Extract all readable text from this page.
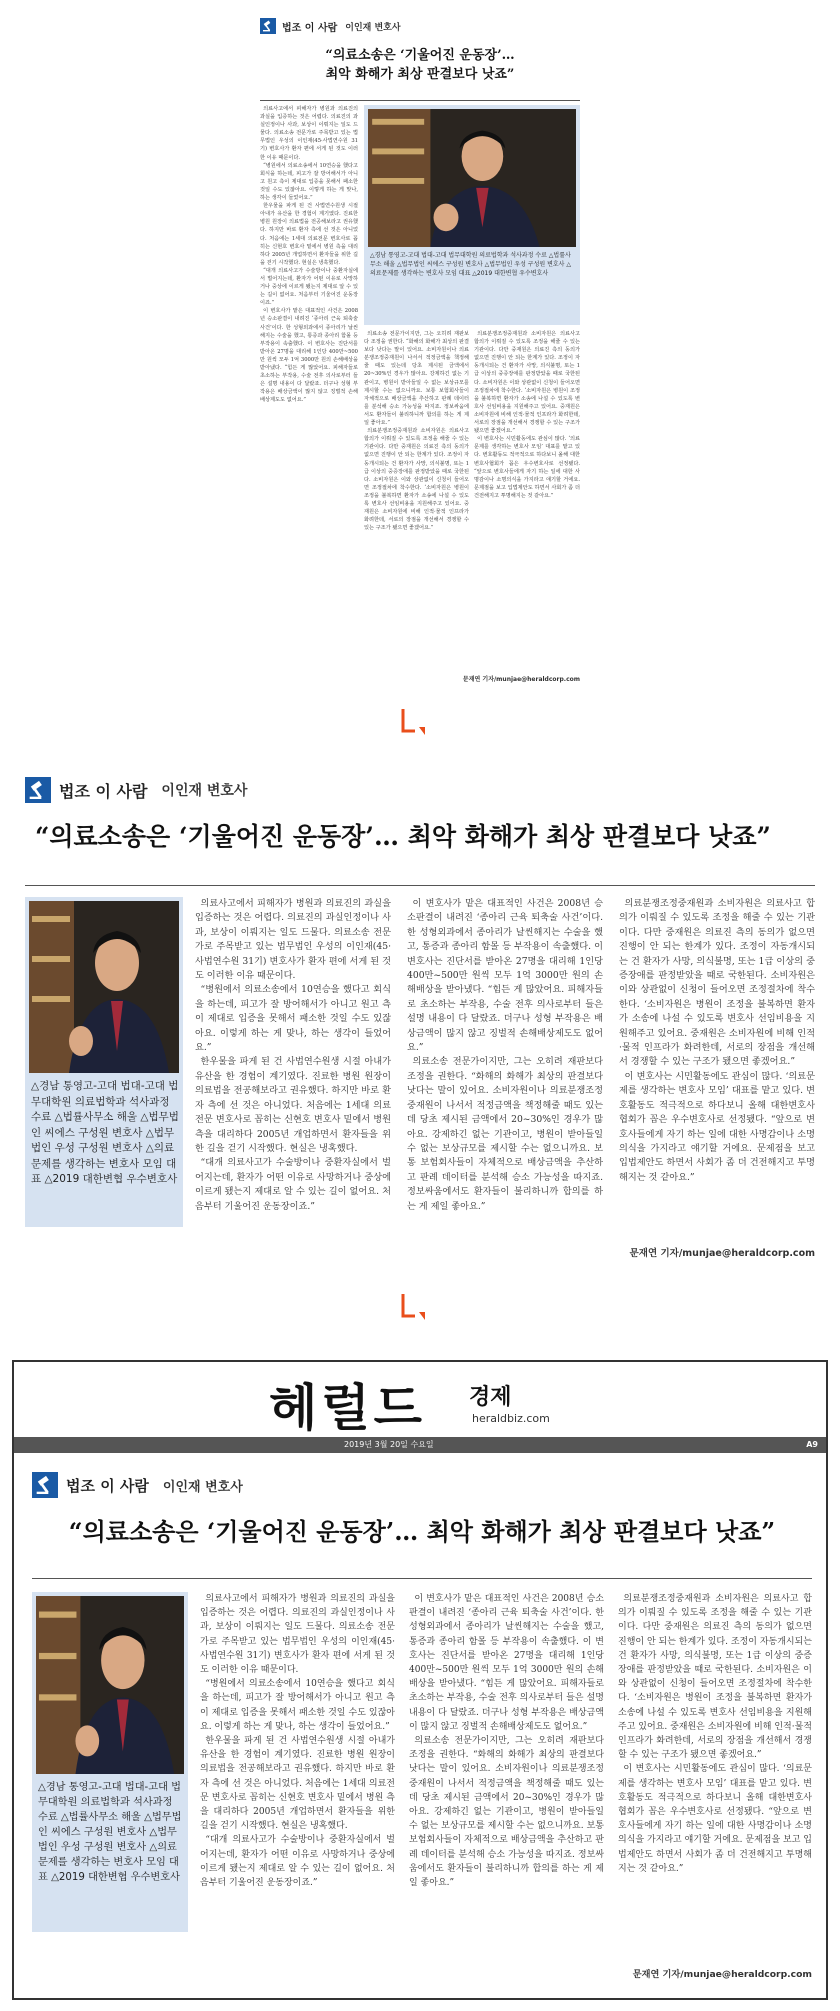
법조 이 사람 이인재 변호사
“의료소송은 ‘기울어진 운동장’…
최악 화해가 최상 판결보다 낫죠”

의료사고에서 피해자가 병원과 의료진의 과실을 입증하는 것은 어렵다. 의료진의 과실인정이나 사과, 보상이 이뤄지는 일도 드물다. 의료소송 전문가로 주목받고 있는 법무법인 우성의 이인재(45·사법연수원 31기) 변호사가 환자 편에 서게 된 것도 이러한 이유 때문이다.

“병원에서 의료소송에서 10연승을 했다고 회식을 하는데, 피고가 잘 방어해서가 아니고 원고 측이 제대로 입증을 못해서 패소한 것일 수도 있잖아요. 이렇게 하는 게 맞나, 하는 생각이 들었어요.”

한우물을 파게 된 건 사법연수원생 시절 아내가 유산을 한 경험이 계기였다. 진료한 병원 원장이 의료법을 전공해보라고 권유했다. 하지만 바로 환자 측에 선 것은 아니었다. 처음에는 1세대 의료전문 변호사로 꼽히는 신현호 변호사 밑에서 병원 측을 대리하다 2005년 개업하면서 환자들을 위한 길을 걷기 시작했다. 현실은 냉혹했다.

“대개 의료사고가 수술방이나 중환자실에서 벌어지는데, 환자가 어떤 이유로 사망하거나 중상에 이르게 됐는지 제대로 알 수 있는 길이 없어요. 처음부터 기울어진 운동장이죠.”

이 변호사가 맡은 대표적인 사건은 2008년 승소판결이 내려진 ‘종아리 근육 퇴축술 사건’이다. 한 성형외과에서 종아리가 날씬해지는 수술을 했고, 통증과 종아리 함몰 등 부작용이 속출했다. 이 변호사는 진단서를 받아온 27명을 대리해 1인당 400만~500만 원씩 모두 1억 3000만 원의 손해배상을 받아냈다. “힘든 게 많았어요. 피해자들로 초소하는 부작용, 수술 전후 의사로부터 들은 설명 내용이 다 달랐죠. 더구나 성형 부작용은 배상금액이 많지 않고 징벌적 손해배상제도도 없어요.”

△경남 통영고-고대 법대-고대 법무대학원 의료법학과 석사과정 수료 △법률사무소 해울 △법무법인 씨에스 구성원 변호사 △법무법인 우성 구성원 변호사 △의료문제를 생각하는 변호사 모임 대표 △2019 대한변협 우수변호사

의료소송 전문가이지만, 그는 오히려 재판보다 조정을 권한다. “화해의 화해가 최상의 판결보다 낫다는 말이 있어요. 소비자원이나 의료분쟁조정중재원이 나서서 적정금액을 책정해줄 때도 있는데 당초 제시된 금액에서 20~30%인 경우가 많아요. 강제하긴 없는 기관이고, 병원이 받아들일 수 없는 보상규모를 제시할 수는 없으니까요. 보통 보험회사들이 자체적으로 배상금액을 추산하고 판례 데이터를 분석해 승소 가능성을 따지죠. 정보싸움에서도 환자들이 불리하니까 합의를 하는 게 제일 좋아요.”

의료분쟁조정중재원과 소비자원은 의료사고 합의가 이뤄질 수 있도록 조정을 해줄 수 있는 기관이다. 다만 중재원은 의료진 측의 동의가 없으면 진행이 안 되는 한계가 있다. 조정이 자동개시되는 건 환자가 사망, 의식불명, 또는 1급 이상의 중증장애를 판정받았을 때로 국한된다. 소비자원은 이와 상관없이 신청이 들어오면 조정절차에 착수한다. ‘소비자원은 병원이 조정을 불복하면 환자가 소송에 나설 수 있도록 변호사 선임비용을 지원해주고 있어요. 중재원은 소비자원에 비해 인적·물적 인프라가 화려한데, 서로의 장점을 개선해서 경쟁할 수 있는 구조가 됐으면 좋겠어요.”

의료분쟁조정중재원과 소비자원은 의료사고 합의가 이뤄질 수 있도록 조정을 해줄 수 있는 기관이다. 다만 중재원은 의료진 측의 동의가 없으면 진행이 안 되는 한계가 있다. 조정이 자동개시되는 건 환자가 사망, 의식불명, 또는 1급 이상의 중증장애를 판정받았을 때로 국한된다. 소비자원은 이와 상관없이 신청이 들어오면 조정절차에 착수한다. ‘소비자원은 병원이 조정을 불복하면 환자가 소송에 나설 수 있도록 변호사 선임비용을 지원해주고 있어요. 중재원은 소비자원에 비해 인적·물적 인프라가 화려한데, 서로의 장점을 개선해서 경쟁할 수 있는 구조가 됐으면 좋겠어요.”

이 변호사는 시민활동에도 관심이 많다. ‘의료문제를 생각하는 변호사 모임’ 대표를 맡고 있다. 변호활동도 적극적으로 하다보니 올해 대한변호사협회가 꼽은 우수변호사로 선정됐다. “앞으로 변호사들에게 자기 하는 일에 대한 사명감이나 소명의식을 가지라고 얘기할 거에요. 문제점을 보고 입법제안도 하면서 사회가 좀 더 건전해지고 투명해지는 것 같아요.”

문재연 기자/munjae@heraldcorp.com
법조 이 사람 이인재 변호사
“의료소송은 ‘기울어진 운동장’… 최악 화해가 최상 판결보다 낫죠”
△경남 통영고-고대 법대-고대 법무대학원 의료법학과 석사과정 수료 △법률사무소 해울 △법무법인 씨에스 구성원 변호사 △법무법인 우성 구성원 변호사 △의료문제를 생각하는 변호사 모임 대표 △2019 대한변협 우수변호사

의료사고에서 피해자가 병원과 의료진의 과실을 입증하는 것은 어렵다. 의료진의 과실인정이나 사과, 보상이 이뤄지는 일도 드물다. 의료소송 전문가로 주목받고 있는 법무법인 우성의 이인재(45·사법연수원 31기) 변호사가 환자 편에 서게 된 것도 이러한 이유 때문이다.

“병원에서 의료소송에서 10연승을 했다고 회식을 하는데, 피고가 잘 방어해서가 아니고 원고 측이 제대로 입증을 못해서 패소한 것일 수도 있잖아요. 이렇게 하는 게 맞나, 하는 생각이 들었어요.”

한우물을 파게 된 건 사법연수원생 시절 아내가 유산을 한 경험이 계기였다. 진료한 병원 원장이 의료법을 전공해보라고 권유했다. 하지만 바로 환자 측에 선 것은 아니었다. 처음에는 1세대 의료전문 변호사로 꼽히는 신현호 변호사 밑에서 병원 측을 대리하다 2005년 개업하면서 환자들을 위한 길을 걷기 시작했다. 현실은 냉혹했다.

“대개 의료사고가 수술방이나 중환자실에서 벌어지는데, 환자가 어떤 이유로 사망하거나 중상에 이르게 됐는지 제대로 알 수 있는 길이 없어요. 처음부터 기울어진 운동장이죠.”

이 변호사가 맡은 대표적인 사건은 2008년 승소판결이 내려진 ‘종아리 근육 퇴축술 사건’이다. 한 성형외과에서 종아리가 날씬해지는 수술을 했고, 통증과 종아리 함몰 등 부작용이 속출했다. 이 변호사는 진단서를 받아온 27명을 대리해 1인당 400만~500만 원씩 모두 1억 3000만 원의 손해배상을 받아냈다. “힘든 게 많았어요. 피해자들로 초소하는 부작용, 수술 전후 의사로부터 들은 설명 내용이 다 달랐죠. 더구나 성형 부작용은 배상금액이 많지 않고 징벌적 손해배상제도도 없어요.”

의료소송 전문가이지만, 그는 오히려 재판보다 조정을 권한다. “화해의 화해가 최상의 판결보다 낫다는 말이 있어요. 소비자원이나 의료분쟁조정중재원이 나서서 적정금액을 책정해줄 때도 있는데 당초 제시된 금액에서 20~30%인 경우가 많아요. 강제하긴 없는 기관이고, 병원이 받아들일 수 없는 보상규모를 제시할 수는 없으니까요. 보통 보험회사들이 자체적으로 배상금액을 추산하고 판례 데이터를 분석해 승소 가능성을 따지죠. 정보싸움에서도 환자들이 불리하니까 합의를 하는 게 제일 좋아요.”

의료분쟁조정중재원과 소비자원은 의료사고 합의가 이뤄질 수 있도록 조정을 해줄 수 있는 기관이다. 다만 중재원은 의료진 측의 동의가 없으면 진행이 안 되는 한계가 있다. 조정이 자동개시되는 건 환자가 사망, 의식불명, 또는 1급 이상의 중증장애를 판정받았을 때로 국한된다. 소비자원은 이와 상관없이 신청이 들어오면 조정절차에 착수한다. ‘소비자원은 병원이 조정을 불복하면 환자가 소송에 나설 수 있도록 변호사 선임비용을 지원해주고 있어요. 중재원은 소비자원에 비해 인적·물적 인프라가 화려한데, 서로의 장점을 개선해서 경쟁할 수 있는 구조가 됐으면 좋겠어요.”

이 변호사는 시민활동에도 관심이 많다. ‘의료문제를 생각하는 변호사 모임’ 대표를 맡고 있다. 변호활동도 적극적으로 하다보니 올해 대한변호사협회가 꼽은 우수변호사로 선정됐다. “앞으로 변호사들에게 자기 하는 일에 대한 사명감이나 소명의식을 가지라고 얘기할 거에요. 문제점을 보고 입법제안도 하면서 사회가 좀 더 건전해지고 투명해지는 것 같아요.”

문재연 기자/munjae@heraldcorp.com
헤럴드 경제
heraldbiz.com
2019년 3월 20일 수요일	A9
법조 이 사람 이인재 변호사
“의료소송은 ‘기울어진 운동장’… 최악 화해가 최상 판결보다 낫죠”
△경남 통영고-고대 법대-고대 법무대학원 의료법학과 석사과정 수료 △법률사무소 해울 △법무법인 씨에스 구성원 변호사 △법무법인 우성 구성원 변호사 △의료문제를 생각하는 변호사 모임 대표 △2019 대한변협 우수변호사

의료사고에서 피해자가 병원과 의료진의 과실을 입증하는 것은 어렵다. 의료진의 과실인정이나 사과, 보상이 이뤄지는 일도 드물다. 의료소송 전문가로 주목받고 있는 법무법인 우성의 이인재(45·사법연수원 31기) 변호사가 환자 편에 서게 된 것도 이러한 이유 때문이다.

“병원에서 의료소송에서 10연승을 했다고 회식을 하는데, 피고가 잘 방어해서가 아니고 원고 측이 제대로 입증을 못해서 패소한 것일 수도 있잖아요. 이렇게 하는 게 맞나, 하는 생각이 들었어요.”

한우물을 파게 된 건 사법연수원생 시절 아내가 유산을 한 경험이 계기였다. 진료한 병원 원장이 의료법을 전공해보라고 권유했다. 하지만 바로 환자 측에 선 것은 아니었다. 처음에는 1세대 의료전문 변호사로 꼽히는 신현호 변호사 밑에서 병원 측을 대리하다 2005년 개업하면서 환자들을 위한 길을 걷기 시작했다. 현실은 냉혹했다.

“대개 의료사고가 수술방이나 중환자실에서 벌어지는데, 환자가 어떤 이유로 사망하거나 중상에 이르게 됐는지 제대로 알 수 있는 길이 없어요. 처음부터 기울어진 운동장이죠.”

이 변호사가 맡은 대표적인 사건은 2008년 승소판결이 내려진 ‘종아리 근육 퇴축술 사건’이다. 한 성형외과에서 종아리가 날씬해지는 수술을 했고, 통증과 종아리 함몰 등 부작용이 속출했다. 이 변호사는 진단서를 받아온 27명을 대리해 1인당 400만~500만 원씩 모두 1억 3000만 원의 손해배상을 받아냈다. “힘든 게 많았어요. 피해자들로 초소하는 부작용, 수술 전후 의사로부터 들은 설명 내용이 다 달랐죠. 더구나 성형 부작용은 배상금액이 많지 않고 징벌적 손해배상제도도 없어요.”

의료소송 전문가이지만, 그는 오히려 재판보다 조정을 권한다. “화해의 화해가 최상의 판결보다 낫다는 말이 있어요. 소비자원이나 의료분쟁조정중재원이 나서서 적정금액을 책정해줄 때도 있는데 당초 제시된 금액에서 20~30%인 경우가 많아요. 강제하긴 없는 기관이고, 병원이 받아들일 수 없는 보상규모를 제시할 수는 없으니까요. 보통 보험회사들이 자체적으로 배상금액을 추산하고 판례 데이터를 분석해 승소 가능성을 따지죠. 정보싸움에서도 환자들이 불리하니까 합의를 하는 게 제일 좋아요.”

의료분쟁조정중재원과 소비자원은 의료사고 합의가 이뤄질 수 있도록 조정을 해줄 수 있는 기관이다. 다만 중재원은 의료진 측의 동의가 없으면 진행이 안 되는 한계가 있다. 조정이 자동개시되는 건 환자가 사망, 의식불명, 또는 1급 이상의 중증장애를 판정받았을 때로 국한된다. 소비자원은 이와 상관없이 신청이 들어오면 조정절차에 착수한다. ‘소비자원은 병원이 조정을 불복하면 환자가 소송에 나설 수 있도록 변호사 선임비용을 지원해주고 있어요. 중재원은 소비자원에 비해 인적·물적 인프라가 화려한데, 서로의 장점을 개선해서 경쟁할 수 있는 구조가 됐으면 좋겠어요.”

이 변호사는 시민활동에도 관심이 많다. ‘의료문제를 생각하는 변호사 모임’ 대표를 맡고 있다. 변호활동도 적극적으로 하다보니 올해 대한변호사협회가 꼽은 우수변호사로 선정됐다. “앞으로 변호사들에게 자기 하는 일에 대한 사명감이나 소명의식을 가지라고 얘기할 거에요. 문제점을 보고 입법제안도 하면서 사회가 좀 더 건전해지고 투명해지는 것 같아요.”

문재연 기자/munjae@heraldcorp.com
